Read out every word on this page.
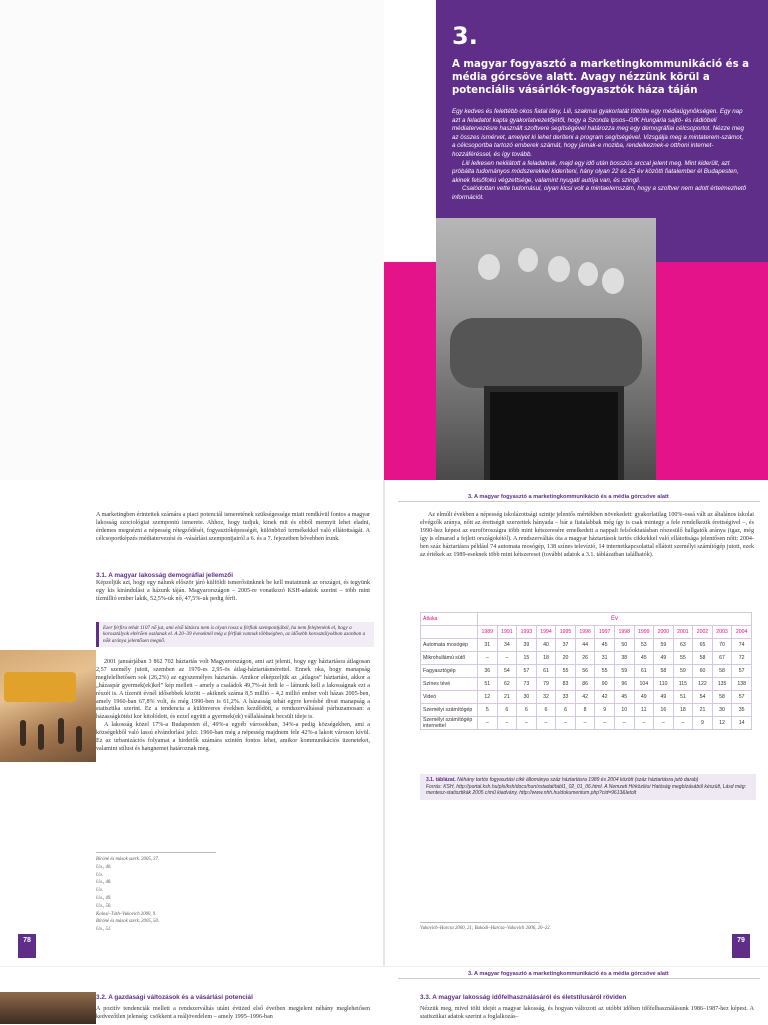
3.
A magyar fogyasztó a marketingkommunikáció és a média górcsöve alatt. Avagy nézzünk körül a potenciális vásárlók-fogyasztók háza táján

Egy kedves és felettébb okos fiatal lány, Lili, szakmai gyakorlatát töltötte egy médiaügynökségen. Egy nap azt a feladatot kapta gyakorlatvezetőjétől, hogy a Szonda Ipsos–GfK Hungária sajtó- és rádióbeli médiatervezésre használt szoftvere segítségével határozza meg egy demográfiai célcsoportot. Nézze meg az összes ismérvet, amelyet ki lehet deríteni a program segítségével. Vizsgálja meg a mintaterem-számot, a célcsoportba tartozó emberek számát, hogy járnak-e moziba, rendelkeznek-e otthoni internet-hozzáféréssel, és így tovább.

Lili lelkesen nekilátott a feladatnak, majd egy idő után bosszús arccal jelent meg. Mint kiderült, azt próbálta tudományos módszerekkel kideríteni, hány olyan 22 és 25 év közötti fiatalember él Budapesten, akinek felsőfokú végzettsége, valamint nyugati autója van, és szingli.

Csalódottan vette tudomásul, olyan kicsi volt a mintaelemszám, hogy a szoftver nem adott értelmezhető információt.

3. A magyar fogyasztó a marketingkommunikáció és a média górcsöve alatt

A marketingben érintettek számára a piaci potenciál ismeretének szükségessége miatt rendkívül fontos a magyar lakosság szociológiai szempontú ismerete. Ahhoz, hogy tudjuk, kinek mit és ebből mennyit lehet eladni, érdemes megnézni a népesség rétegződését, fogyasztóképességét, különböző termékekkel való ellátottságát. A célcsoportképzés médiatervezési és -vásárlási szempontjairól a 6. és a 7. fejezetben bővebben írunk.

3.1. A magyar lakosság demográfiai jellemzői

Képzeljük azt, hogy egy nálunk először járó külföldi ismerősünknek be kell mutatnunk az országot, és tegyünk egy kis kirándulást a házunk táján. Magyarországon – 2005-re vonatkozó KSH-adatok szerint – több mint tízmillió ember lakik, 52,5%-uk nő, 47,5%-uk pedig férfi.

Ezer férfira tehát 1107 nő jut, ami első látásra nem is olyan rossz a férfiak szempontjából, ha nem felejtenénk el, hogy a korosztályok eltérően oszlanak el. A 20–39 éveseknél még a férfiak vannak többségben, az idősebb korosztályokban azonban a nők aránya jelentősen megnő.

2001 januárjában 3 862 702 háztartás volt Magyarországon, ami azt jelenti, hogy egy háztartásra átlagosan 2,57 személy jutott, szemben az 1970-es 2,95-ös átlag-háztartásmérettel. Ennek oka, hogy manapság megfelelhetősen sok (26,2%) az egyszemélyes háztartás. Amikor elképzeljük az „átlagos” háztartást, akkor a „házaspár gyermek(ek)kel” kép mellett – amely a családok 49,7%-át fedi le – látnunk kell a lakosságnak ezt a részét is. A tízenöt évnél idősebbek között – akiknek száma 8,5 millió – 4,2 millió ember volt házas 2005-ben, amely 1960-ban 67,8% volt, és még 1990-ben is 61,2%. A házasság tehát egyre kevésbé divat manapság a statisztika szerint. Ez a tendencia a különveres években kezdődött, a rendszerváltással párhuzamosan: a házasságkötési kor kitolódott, és ezzel együtt a gyermek(ek) vállalásának becsült ideje is.

A lakosság közel 17%-a Budapesten él, 49%-a egyéb városokban, 34%-a pedig községekben, ami a községekből való lassú elvándorlást jelzi: 1960-ban még a népesség majdnem fele 42%-a lakott városon kívül. Ez az urbanizációs folyamat a hirdetők számára szintén fontos lehet, amikor kommunikációs üzeneteket, valamint stílust és hangnemet határoznak meg.

Bíróné és mások szerk. 2005, 37.
Uo., 40.
Uo.
Uo., 48.
Uo.
Uo., 49.
Uo., 50.
Kolosi–Tóth–Vukovich 2000, 9.
Bíróné és mások szerk. 2005, 50.
Uo., 51.
78

Az elmúlt években a népesség iskolázottsági szintje jelentős mértékben növekedett: gyakorlatilag 100%-ossá vált az általános iskolai elvégzők aránya, nőtt az érettségit szerzettek hányada – bár a fiatalabbak még így is csak mintegy a fele rendelkezik érettségivel –, és 1990-hez képest az euroföroszágra több mint kétszeresére emelkedett a nappali felsőoktatásban részesülő hallgatók aránya (igaz, még így is elmarad a fejlett országokétól). A rendszerváltás óta a magyar háztartások tartós cikkekkel való ellátottsága jelentősen nőtt: 2004-ben száz háztartásra például 74 automata mosógép, 138 színes televízió, 14 internetkapcsolattal ellátott személyi számítógép jutott, ezek az értékek az 1989-eseknek több mint kétszeresei (további adatok a 3.1. táblázatban találhatók).

Átlaka	Ev													
	1989	1991	1993	1994	1995	1996	1997	1998	1999	2000	2001	2002	2003	2004
Automata mosógép	31	34	39	40	37	44	45	50	53	59	63	65	70	74
Mikrohullámú sütő	–	–	15	18	20	26	31	38	45	49	55	58	67	72
Fagyasztógép	36	54	57	61	55	56	55	59	61	58	59	60	58	57
Színes tévé	51	62	73	79	83	86	90	96	104	110	115	122	135	138
Videó	12	21	30	32	33	42	42	45	49	49	51	54	58	57
Személyi számítógép	5	6	6	6	6	8	9	10	11	16	18	21	30	35
Személyi számítógép internettel	–	–	–	–	–	–	–	–	–	–	–	9	12	14
3.1. táblázat. Néhány tartós fogyasztási cikk állománya száz háztartásra 1989 és 2004 között (száz háztartásra jutó darab)
Forrás: KSH, http://portal.ksh.hu/pls/ksh/docs/hun/xstadat/tabl1_02_01_06.html. A Nemzeti Hírközlési Hatóság megbízásából készült, Lásd még: mentesz-statisztikák 2005 című kiadvány, http://www.nhh.hu/dokumentum.php?cid=9613&letolt
Vukovich–Harcsa 2000, 21; Bukodi–Harcsa–Vukovich 2006, 20–22.
79
3. A magyar fogyasztó a marketingkommunikáció és a média górcsöve alatt
3.2. A gazdasági változások és a vásárlási potenciál	3.3. A magyar lakosság időfelhasználásáról és életstílusáról röviden
A pozitív tendenciák mellett a rendszerváltás utáni évtized első éveiben megjelent néhány meglehetősen kedvezőtlen jelenség: csökkent a reáljövedelem – amely 1995–1996-ban
Nézzük meg, mivel tölti idejét a magyar lakosság, és hogyan változott az utóbbi időben időfelhasználásunk 1986–1987-hez képest. A statisztikai adatok szerint a foglalkozás–
